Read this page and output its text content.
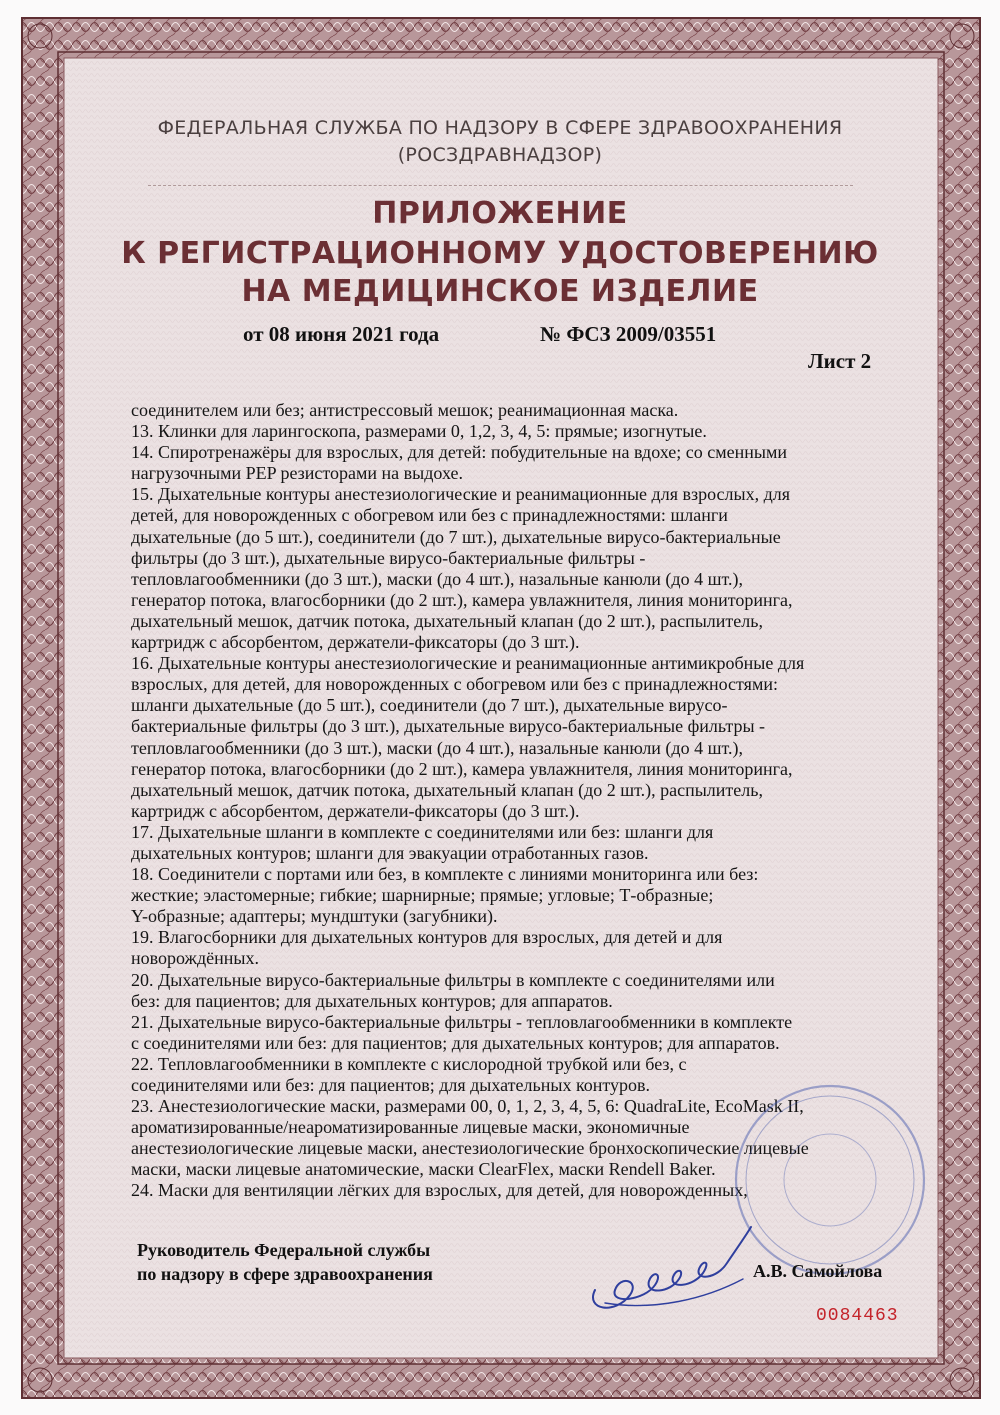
ФЕДЕРАЛЬНАЯ СЛУЖБА ПО НАДЗОРУ В СФЕРЕ ЗДРАВООХРАНЕНИЯ
(РОСЗДРАВНАДЗОР)
ПРИЛОЖЕНИЕ
К РЕГИСТРАЦИОННОМУ УДОСТОВЕРЕНИЮ
НА МЕДИЦИНСКОЕ ИЗДЕЛИЕ
от 08 июня 2021 года	№ ФСЗ 2009/03551
Лист 2
соединителем или без; антистрессовый мешок; реанимационная маска.
13. Клинки для ларингоскопа, размерами 0, 1,2, 3, 4, 5: прямые; изогнутые.
14. Спиротренажёры для взрослых, для детей: побудительные на вдохе; со сменными
нагрузочными PEP резисторами на выдохе.
15. Дыхательные контуры анестезиологические и реанимационные для взрослых, для
детей, для новорожденных с обогревом или без с принадлежностями: шланги
дыхательные (до 5 шт.), соединители (до 7 шт.), дыхательные вирусо-бактериальные
фильтры (до 3 шт.), дыхательные вирусо-бактериальные фильтры -
тепловлагообменники (до 3 шт.), маски (до 4 шт.), назальные канюли (до 4 шт.),
генератор потока, влагосборники (до 2 шт.), камера увлажнителя, линия мониторинга,
дыхательный мешок, датчик потока, дыхательный клапан (до 2 шт.), распылитель,
картридж с абсорбентом, держатели-фиксаторы (до 3 шт.).
16. Дыхательные контуры анестезиологические и реанимационные антимикробные для
взрослых, для детей, для новорожденных с обогревом или без с принадлежностями:
шланги дыхательные (до 5 шт.), соединители (до 7 шт.), дыхательные вирусо-
бактериальные фильтры (до 3 шт.), дыхательные вирусо-бактериальные фильтры -
тепловлагообменники (до 3 шт.), маски (до 4 шт.), назальные канюли (до 4 шт.),
генератор потока, влагосборники (до 2 шт.), камера увлажнителя, линия мониторинга,
дыхательный мешок, датчик потока, дыхательный клапан (до 2 шт.), распылитель,
картридж с абсорбентом, держатели-фиксаторы (до 3 шт.).
17. Дыхательные шланги в комплекте с соединителями или без: шланги для
дыхательных контуров; шланги для эвакуации отработанных газов.
18. Соединители с портами или без, в комплекте с линиями мониторинга или без:
жесткие; эластомерные; гибкие; шарнирные; прямые; угловые; Т-образные;
Y-образные; адаптеры; мундштуки (загубники).
19. Влагосборники для дыхательных контуров для взрослых, для детей и для
новорождённых.
20. Дыхательные вирусо-бактериальные фильтры в комплекте с соединителями или
без: для пациентов; для дыхательных контуров; для аппаратов.
21. Дыхательные вирусо-бактериальные фильтры - тепловлагообменники в комплекте
с соединителями или без: для пациентов; для дыхательных контуров; для аппаратов.
22. Тепловлагообменники в комплекте с кислородной трубкой или без, с
соединителями или без: для пациентов; для дыхательных контуров.
23. Анестезиологические маски, размерами 00, 0, 1, 2, 3, 4, 5, 6: QuadraLite, EcoMask II,
ароматизированные/неароматизированные лицевые маски, экономичные
анестезиологические лицевые маски, анестезиологические бронхоскопические лицевые
маски, маски лицевые анатомические, маски ClearFlex, маски Rendell Baker.
24. Маски для вентиляции лёгких для взрослых, для детей, для новорожденных,
Руководитель Федеральной службы
по надзору в сфере здравоохранения	А.В. Самойлова
0084463
